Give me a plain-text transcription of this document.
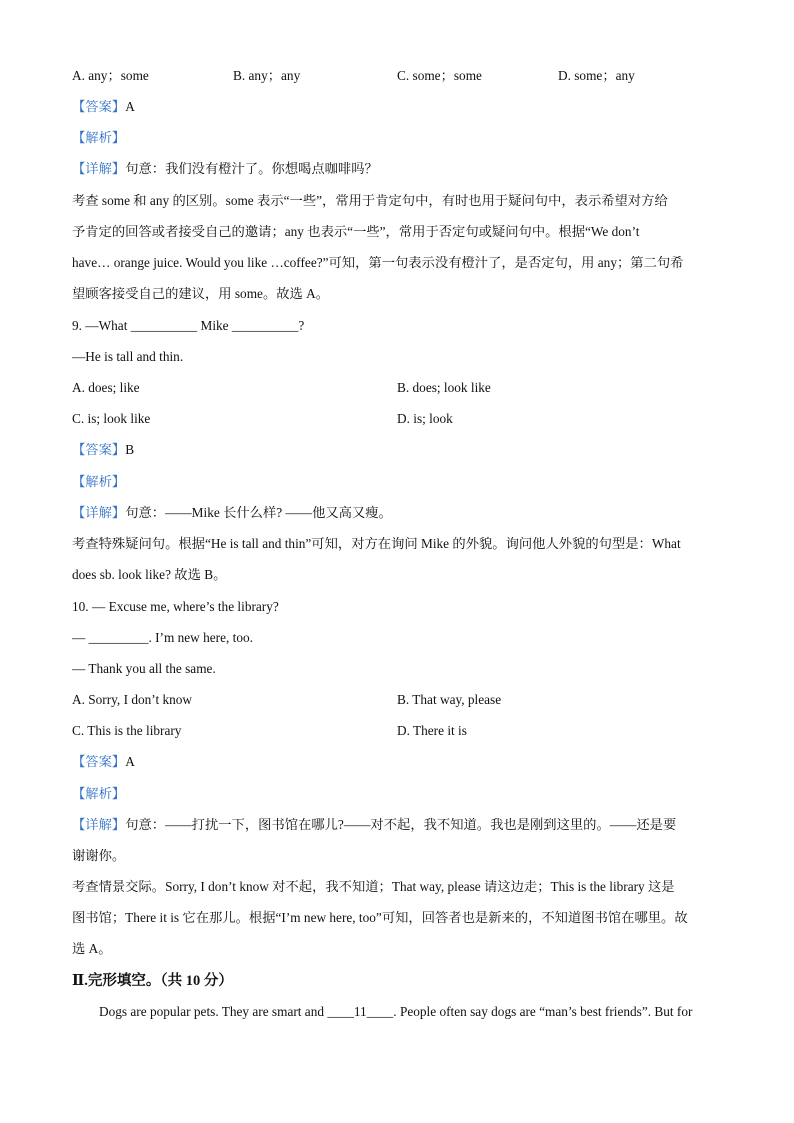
A. any；some	B. any；any	C. some；some	D. some；any
【答案】A
【解析】
【详解】句意：我们没有橙汁了。你想喝点咖啡吗？
考查 some 和 any 的区别。some 表示“一些”，常用于肯定句中，有时也用于疑问句中，表示希望对方给
予肯定的回答或者接受自己的邀请；any 也表示“一些”，常用于否定句或疑问句中。根据“We don’t
have… orange juice. Would you like …coffee?”可知，第一句表示没有橙汁了，是否定句，用 any；第二句希
望顾客接受自己的建议，用 some。故选 A。
9. —What __________ Mike __________?
—He is tall and thin.
A. does; like	B. does; look like
C. is; look like	D. is; look
【答案】B
【解析】
【详解】句意：——Mike 长什么样? ——他又高又瘦。
考查特殊疑问句。根据“He is tall and thin”可知，对方在询问 Mike 的外貌。询问他人外貌的句型是：What
does sb. look like? 故选 B。
10. — Excuse me, where’s the library?
— _________. I’m new here, too.
— Thank you all the same.
A. Sorry, I don’t know	B. That way, please
C. This is the library	D. There it is
【答案】A
【解析】
【详解】句意：——打扰一下，图书馆在哪儿?——对不起，我不知道。我也是刚到这里的。——还是要
谢谢你。
考查情景交际。Sorry, I don’t know 对不起，我不知道；That way, please 请这边走；This is the library 这是
图书馆；There it is 它在那儿。根据“I’m new here, too”可知，回答者也是新来的，不知道图书馆在哪里。故
选 A。
Ⅱ.完形填空。（共 10 分）
Dogs are popular pets. They are smart and ____11____. People often say dogs are “man’s best friends”. But for
